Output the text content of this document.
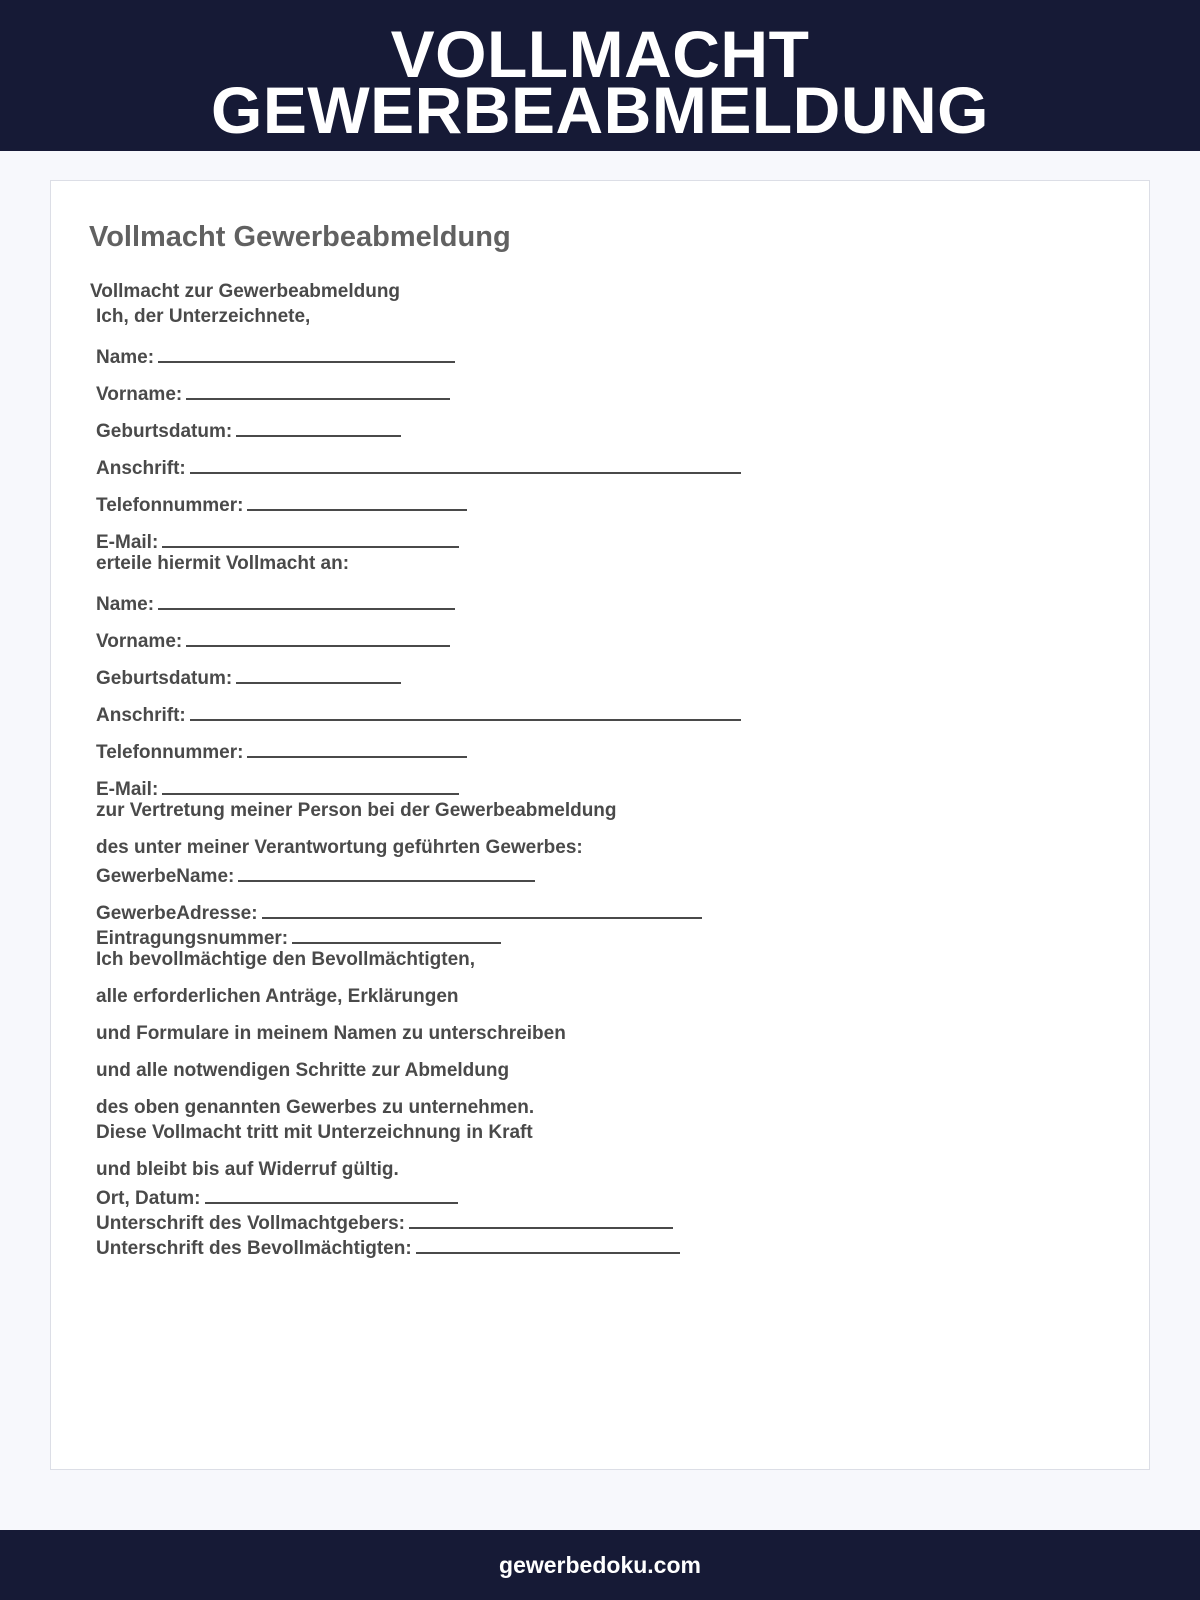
VOLLMACHT
GEWERBEABMELDUNG
Vollmacht Gewerbeabmeldung
Vollmacht zur Gewerbeabmeldung
Ich, der Unterzeichnete,
Name:
Vorname:
Geburtsdatum:
Anschrift:
Telefonnummer:
E-Mail:
erteile hiermit Vollmacht an:
Name:
Vorname:
Geburtsdatum:
Anschrift:
Telefonnummer:
E-Mail:
zur Vertretung meiner Person bei der Gewerbeabmeldung
des unter meiner Verantwortung geführten Gewerbes:
GewerbeName:
GewerbeAdresse:
Eintragungsnummer:
Ich bevollmächtige den Bevollmächtigten,
alle erforderlichen Anträge, Erklärungen
und Formulare in meinem Namen zu unterschreiben
und alle notwendigen Schritte zur Abmeldung
des oben genannten Gewerbes zu unternehmen.
Diese Vollmacht tritt mit Unterzeichnung in Kraft
und bleibt bis auf Widerruf gültig.
Ort, Datum:
Unterschrift des Vollmachtgebers:
Unterschrift des Bevollmächtigten:
gewerbedoku.com
